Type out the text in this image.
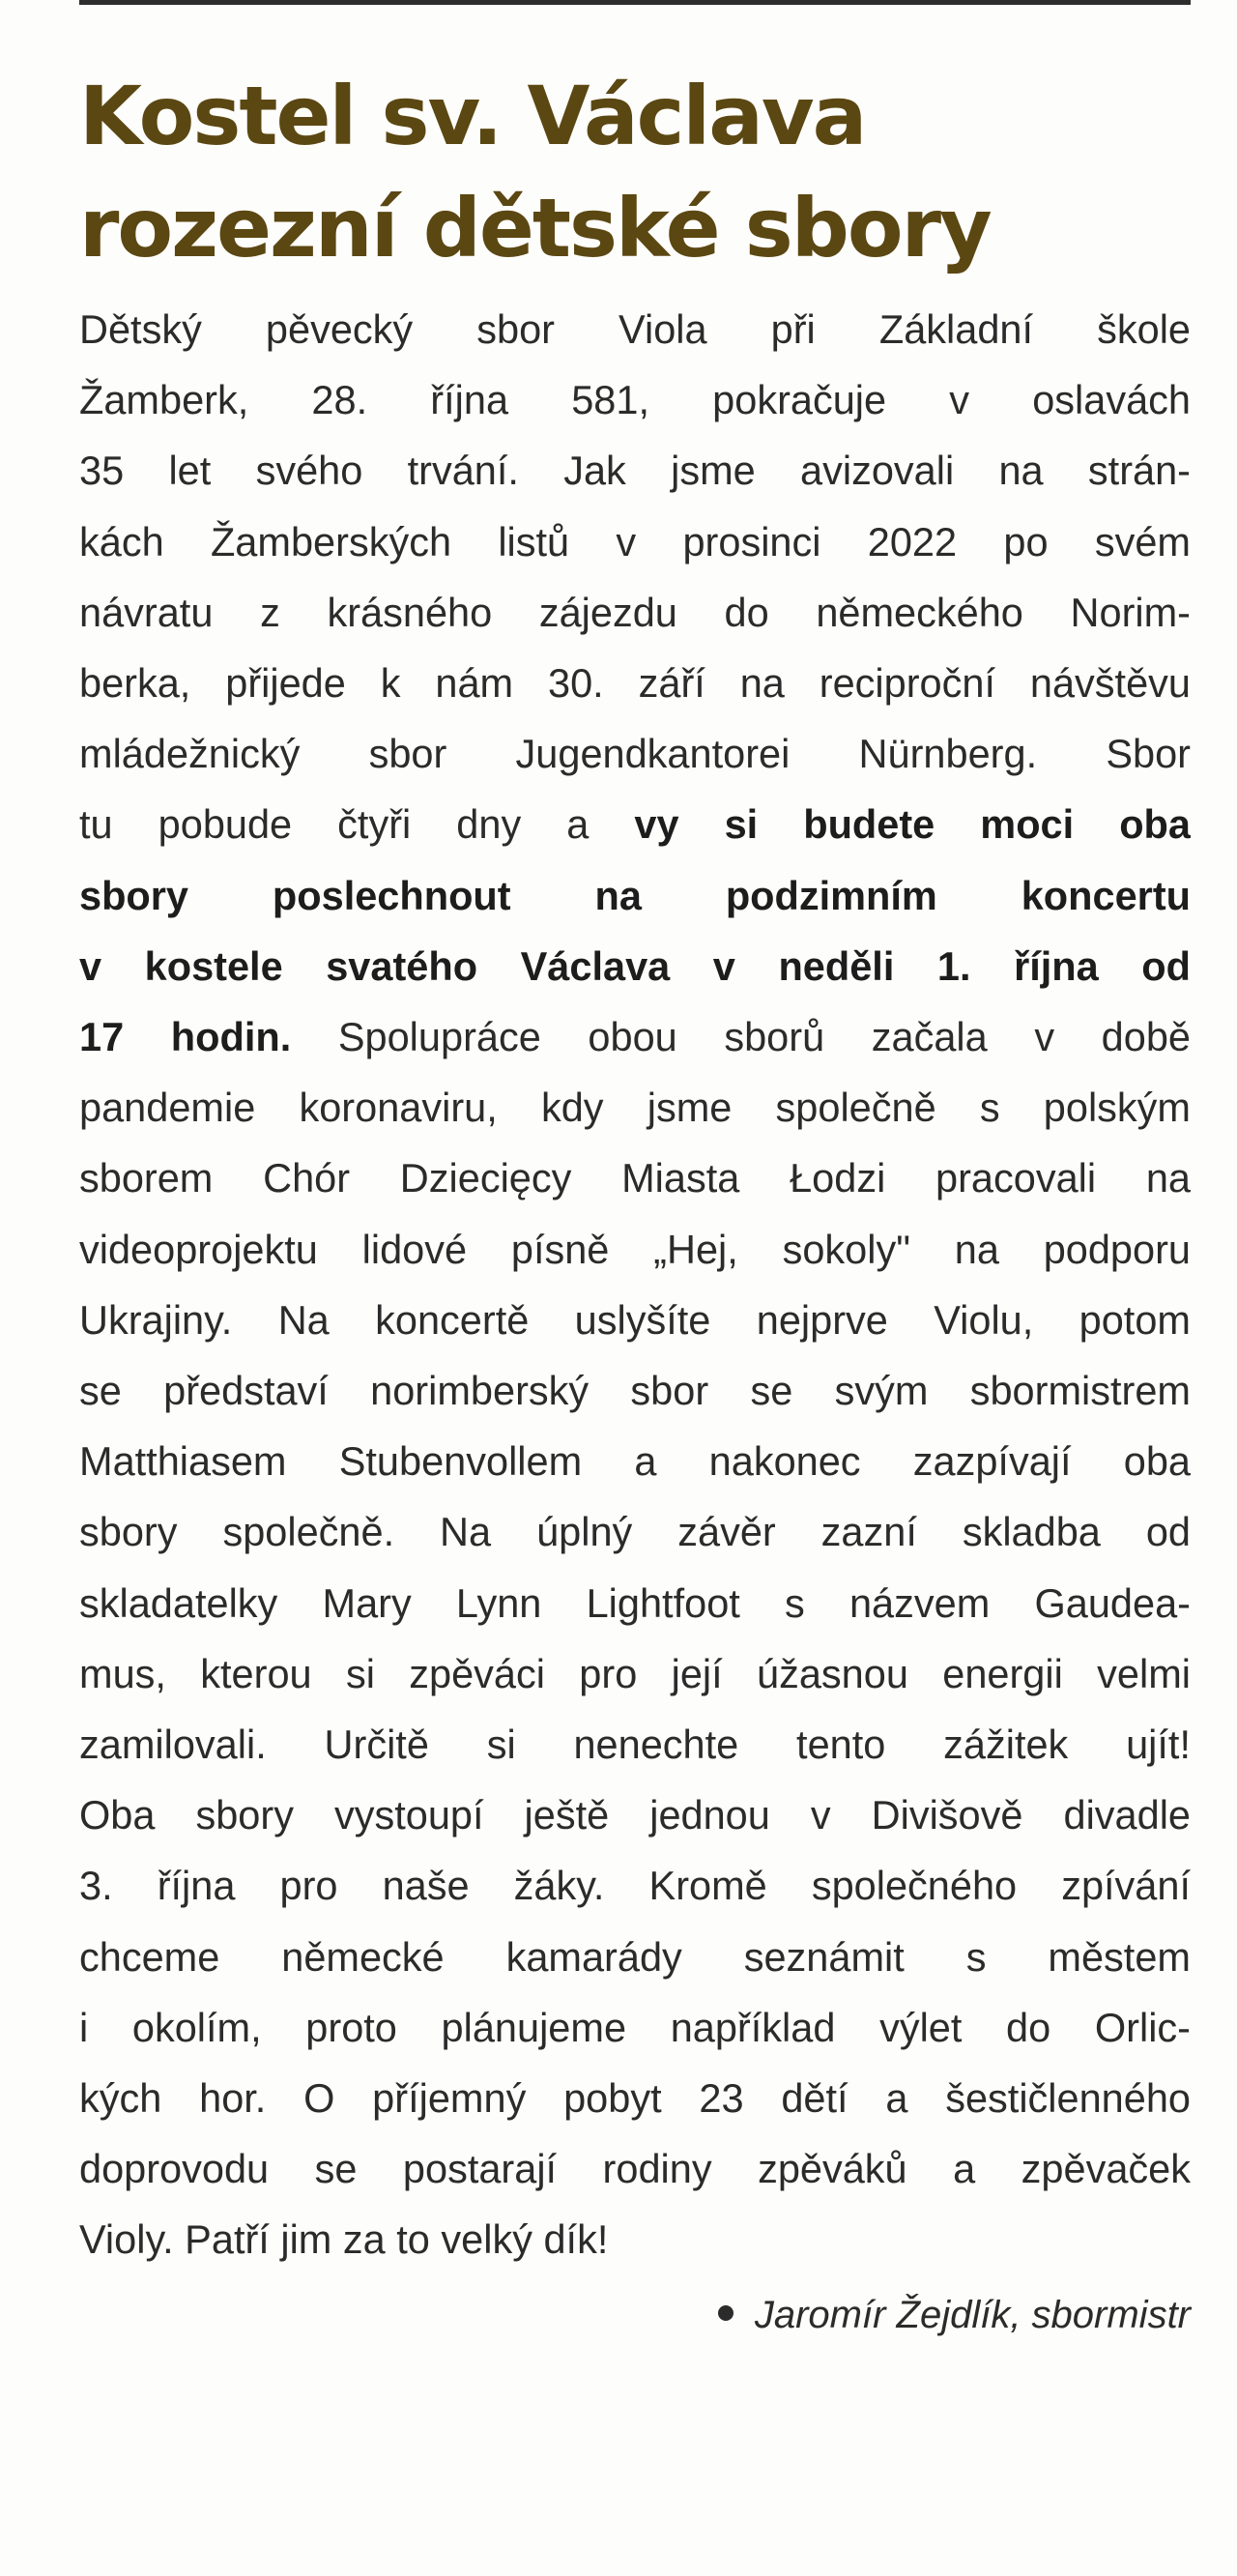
Kostel sv. Václava
rozezní dětské sbory
Dětský pěvecký sbor Viola při Základní škole
Žamberk, 28. října 581, pokračuje v oslavách
35 let svého trvání. Jak jsme avizovali na strán-
kách Žamberských listů v prosinci 2022 po svém
návratu z krásného zájezdu do německého Norim-
berka, přijede k nám 30. září na reciproční návštěvu
mládežnický sbor Jugendkantorei Nürnberg. Sbor
tu pobude čtyři dny a vy si budete moci oba
sbory poslechnout na podzimním koncertu
v kostele svatého Václava v neděli 1. října od
17 hodin. Spolupráce obou sborů začala v době
pandemie koronaviru, kdy jsme společně s polským
sborem Chór Dziecięcy Miasta Łodzi pracovali na
videoprojektu lidové písně „Hej, sokoly" na podporu
Ukrajiny. Na koncertě uslyšíte nejprve Violu, potom
se představí norimberský sbor se svým sbormistrem
Matthiasem Stubenvollem a nakonec zazpívají oba
sbory společně. Na úplný závěr zazní skladba od
skladatelky Mary Lynn Lightfoot s názvem Gaudea-
mus, kterou si zpěváci pro její úžasnou energii velmi
zamilovali. Určitě si nenechte tento zážitek ujít!
Oba sbory vystoupí ještě jednou v Divišově divadle
3. října pro naše žáky. Kromě společného zpívání
chceme německé kamarády seznámit s městem
i okolím, proto plánujeme například výlet do Orlic-
kých hor. O příjemný pobyt 23 dětí a šestičlenného
doprovodu se postarají rodiny zpěváků a zpěvaček
Violy. Patří jim za to velký dík!
Jaromír Žejdlík, sbormistr
